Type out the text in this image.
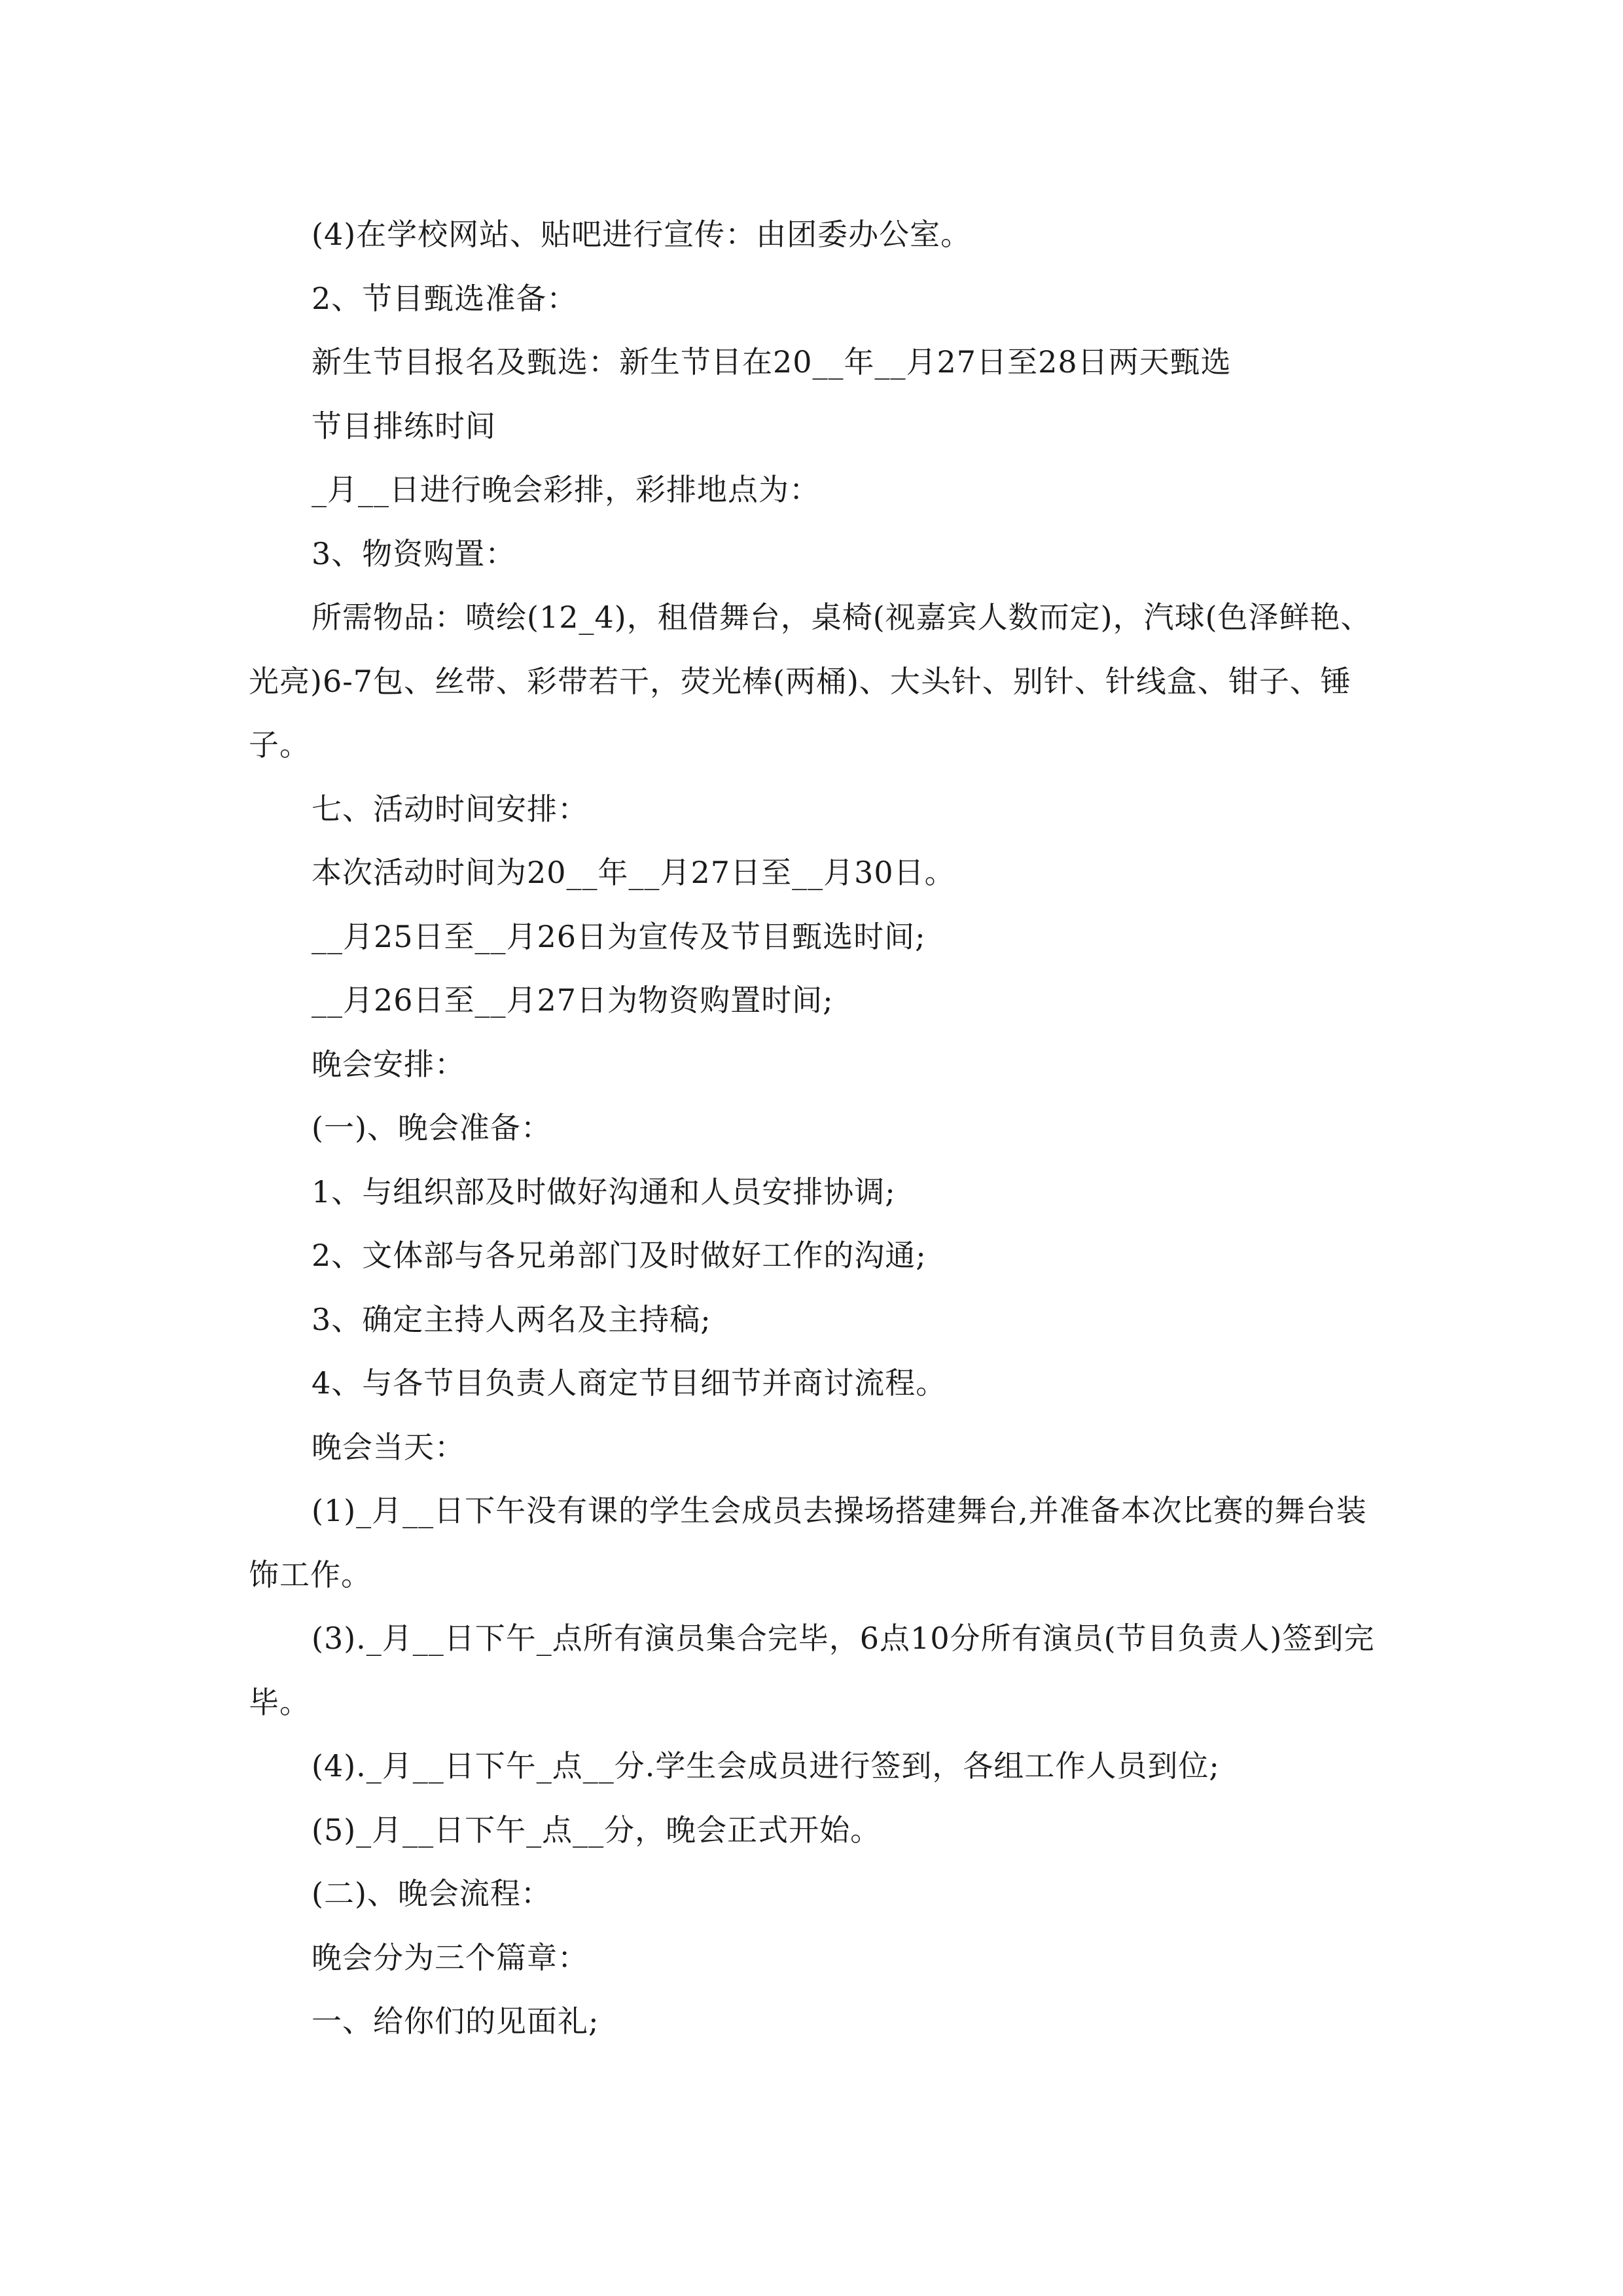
(4)在学校网站、贴吧进行宣传：由团委办公室。

2、节目甄选准备：

新生节目报名及甄选：新生节目在20__年__月27日至28日两天甄选

节目排练时间

_月__日进行晚会彩排，彩排地点为：

3、物资购置：

所需物品：喷绘(12_4)，租借舞台，桌椅(视嘉宾人数而定)，汽球(色泽鲜艳、光亮)6-7包、丝带、彩带若干，荧光棒(两桶)、大头针、别针、针线盒、钳子、锤子。

七、活动时间安排：

本次活动时间为20__年__月27日至__月30日。

__月25日至__月26日为宣传及节目甄选时间;

__月26日至__月27日为物资购置时间;

晚会安排：

(一)、晚会准备：

1、与组织部及时做好沟通和人员安排协调;

2、文体部与各兄弟部门及时做好工作的沟通;

3、确定主持人两名及主持稿;

4、与各节目负责人商定节目细节并商讨流程。

晚会当天：

(1)_月__日下午没有课的学生会成员去操场搭建舞台,并准备本次比赛的舞台装饰工作。

(3)._月__日下午_点所有演员集合完毕，6点10分所有演员(节目负责人)签到完毕。

(4)._月__日下午_点__分.学生会成员进行签到，各组工作人员到位;

(5)_月__日下午_点__分，晚会正式开始。

(二)、晚会流程：

晚会分为三个篇章：

一、给你们的见面礼;
